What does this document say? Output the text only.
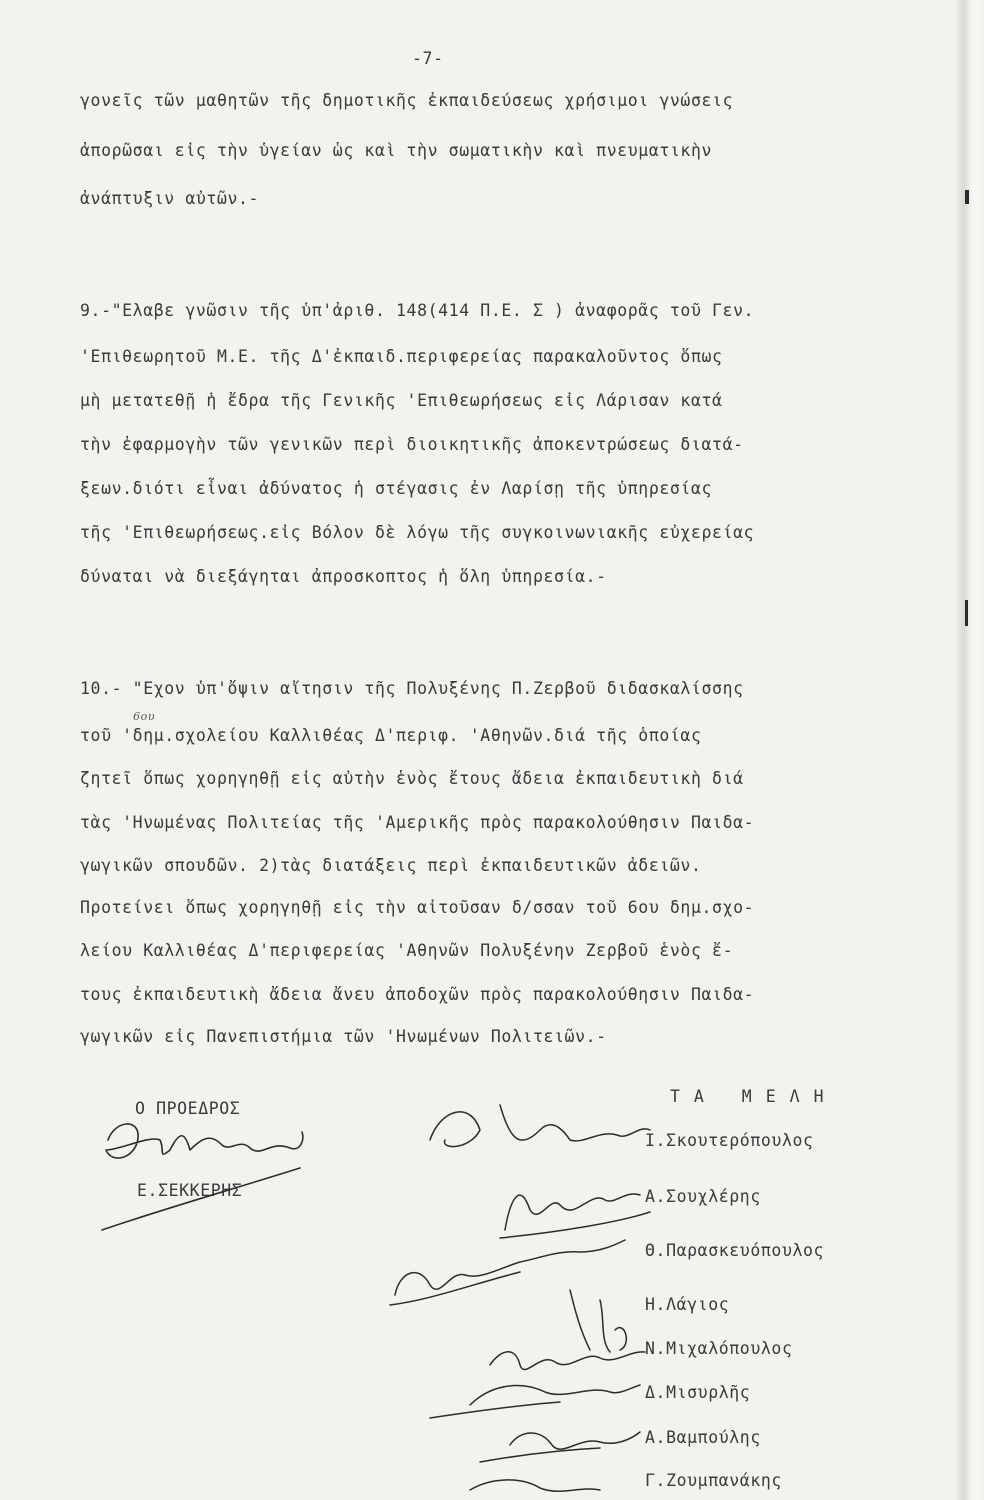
-7-
γονεῖς τῶν μαθητῶν τῆς δημοτικῆς ἐκπαιδεύσεως χρήσιμοι γνώσεις
ἀπορῶσαι εἰς τὴν ὑγείαν ὡς καὶ τὴν σωματικὴν καὶ πνευματικὴν
ἀνάπτυξιν αὐτῶν.-
9.-"Ελαβε γνῶσιν τῆς ὑπ'ἀριθ. 148(414 Π.Ε. Σ ) ἀναφορᾶς τοῦ Γεν.
'Επιθεωρητοῦ Μ.Ε. τῆς Δ'ἐκπαιδ.περιφερείας παρακαλοῦντος ὅπως
μὴ μετατεθῇ ἡ ἔδρα τῆς Γενικῆς 'Επιθεωρήσεως εἰς Λάρισαν κατά
τὴν ἐφαρμογὴν τῶν γενικῶν περὶ διοικητικῆς ἀποκεντρώσεως διατά-
ξεων.διότι εἶναι ἀδύνατος ἡ στέγασις ἐν Λαρίσῃ τῆς ὑπηρεσίας
τῆς 'Επιθεωρήσεως.εἰς Βόλον δὲ λόγω τῆς συγκοινωνιακῆς εὐχερείας
δύναται νὰ διεξάγηται ἀπροσκοπτος ἡ ὅλη ὑπηρεσία.-
10.- "Εχον ὑπ'ὄψιν αἴτησιν τῆς Πολυξένης Π.Ζερβοῦ διδασκαλίσσης
τοῦ 'δημ.σχολείου Καλλιθέας Δ'περιφ. 'Αθηνῶν.διά τῆς ὁποίας
ζητεῖ ὅπως χορηγηθῇ εἰς αὐτὴν ἑνὸς ἔτους ἄδεια ἐκπαιδευτικὴ διά
τὰς 'Ηνωμένας Πολιτείας τῆς 'Αμερικῆς πρὸς παρακολούθησιν Παιδα-
γωγικῶν σπουδῶν. 2)τὰς διατάξεις περὶ ἐκπαιδευτικῶν ἀδειῶν.
Προτείνει ὅπως χορηγηθῇ εἰς τὴν αἰτοῦσαν δ/σσαν τοῦ 6ου δημ.σχο-
λείου Καλλιθέας Δ'περιφερείας 'Αθηνῶν Πολυξένην Ζερβοῦ ἑνὸς ἔ-
τους ἐκπαιδευτικὴ ἄδεια ἄνευ ἀποδοχῶν πρὸς παρακολούθησιν Παιδα-
γωγικῶν εἰς Πανεπιστήμια τῶν 'Ηνωμένων Πολιτειῶν.-
6ου
Ο ΠΡΟΕΔΡΟΣ
Ε.ΣΕΚΚΕΡΗΣ
ΤΑ ΜΕΛΗ
Ι.Σκουτερόπουλος
Α.Σουχλέρης
Θ.Παρασκευόπουλος
Η.Λάγιος
Ν.Μιχαλόπουλος
Δ.Μισυρλῆς
Α.Βαμπούλης
Γ.Ζουμπανάκης
